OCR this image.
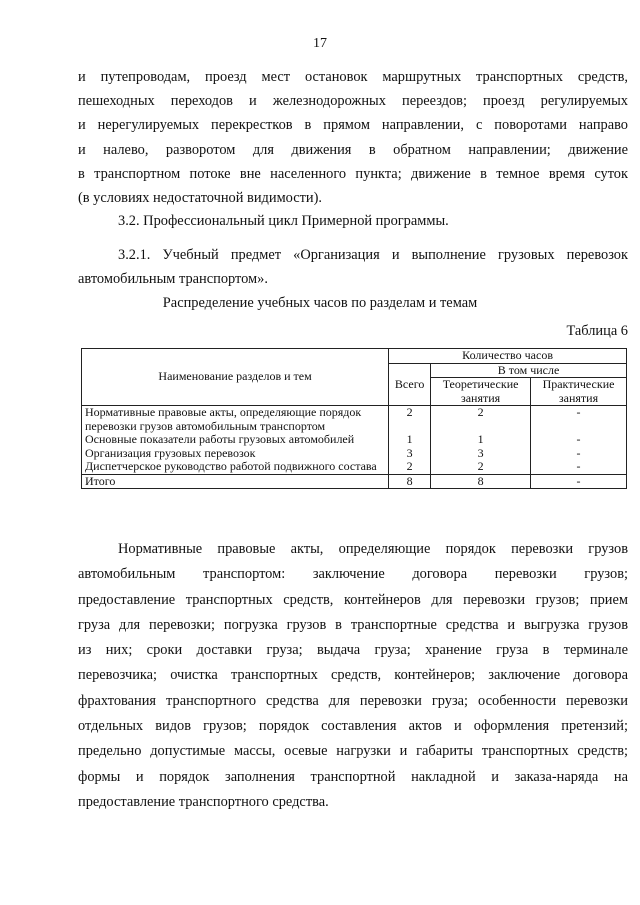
17
и путепроводам, проезд мест остановок маршрутных транспортных средств,
пешеходных переходов и железнодорожных переездов; проезд регулируемых
и нерегулируемых перекрестков в прямом направлении, с поворотами направо
и налево, разворотом для движения в обратном направлении; движение
в транспортном потоке вне населенного пункта; движение в темное время суток
(в условиях недостаточной видимости).
3.2. Профессиональный цикл Примерной программы.
3.2.1. Учебный предмет «Организация и выполнение грузовых перевозок
автомобильным транспортом».
Распределение учебных часов по разделам и темам
Таблица 6
Наименование разделов и тем	Количество часов		
	Всего	В том числе	
		Теоретические занятия	Практические занятия
Нормативные правовые акты, определяющие порядок перевозки грузов автомобильным транспортом	2	2	-
Основные показатели работы грузовых автомобилей	1	1	-
Организация грузовых перевозок	3	3	-
Диспетчерское руководство работой подвижного состава	2	2	-
Итого	8	8	-
Нормативные правовые акты, определяющие порядок перевозки грузов
автомобильным транспортом: заключение договора перевозки грузов;
предоставление транспортных средств, контейнеров для перевозки грузов; прием
груза для перевозки; погрузка грузов в транспортные средства и выгрузка грузов
из них; сроки доставки груза; выдача груза; хранение груза в терминале
перевозчика; очистка транспортных средств, контейнеров; заключение договора
фрахтования транспортного средства для перевозки груза; особенности перевозки
отдельных видов грузов; порядок составления актов и оформления претензий;
предельно допустимые массы, осевые нагрузки и габариты транспортных средств;
формы и порядок заполнения транспортной накладной и заказа-наряда на
предоставление транспортного средства.
